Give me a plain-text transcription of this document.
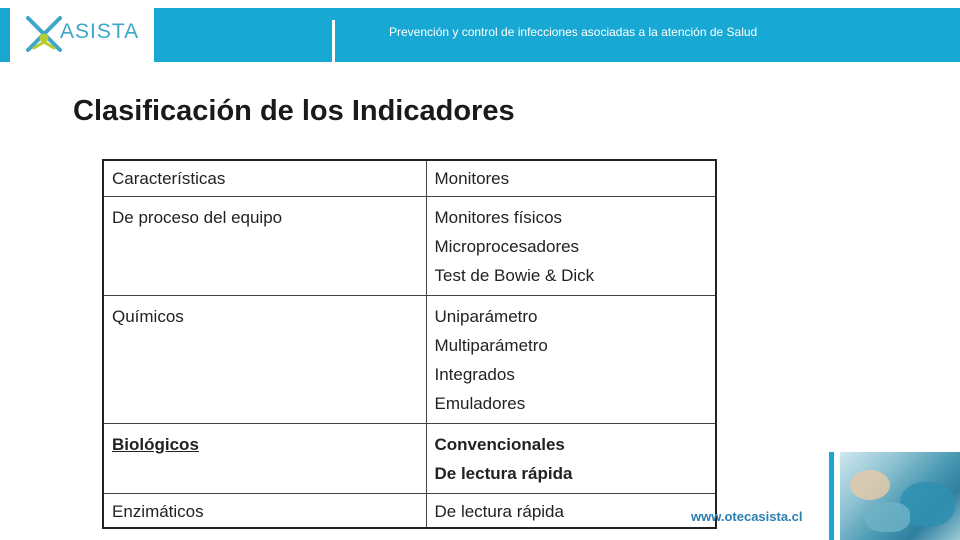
ASISTA	Prevención y control de infecciones asociadas a la atención de Salud
Clasificación de los Indicadores
Características	Monitores
De proceso del equipo	Monitores físicos
Microprocesadores
Test de Bowie & Dick

Químicos	Uniparámetro
Multiparámetro
Integrados
Emuladores

Biológicos	Convencionales
De lectura rápida

Enzimáticos	De lectura rápida	www.otecasista.cl
